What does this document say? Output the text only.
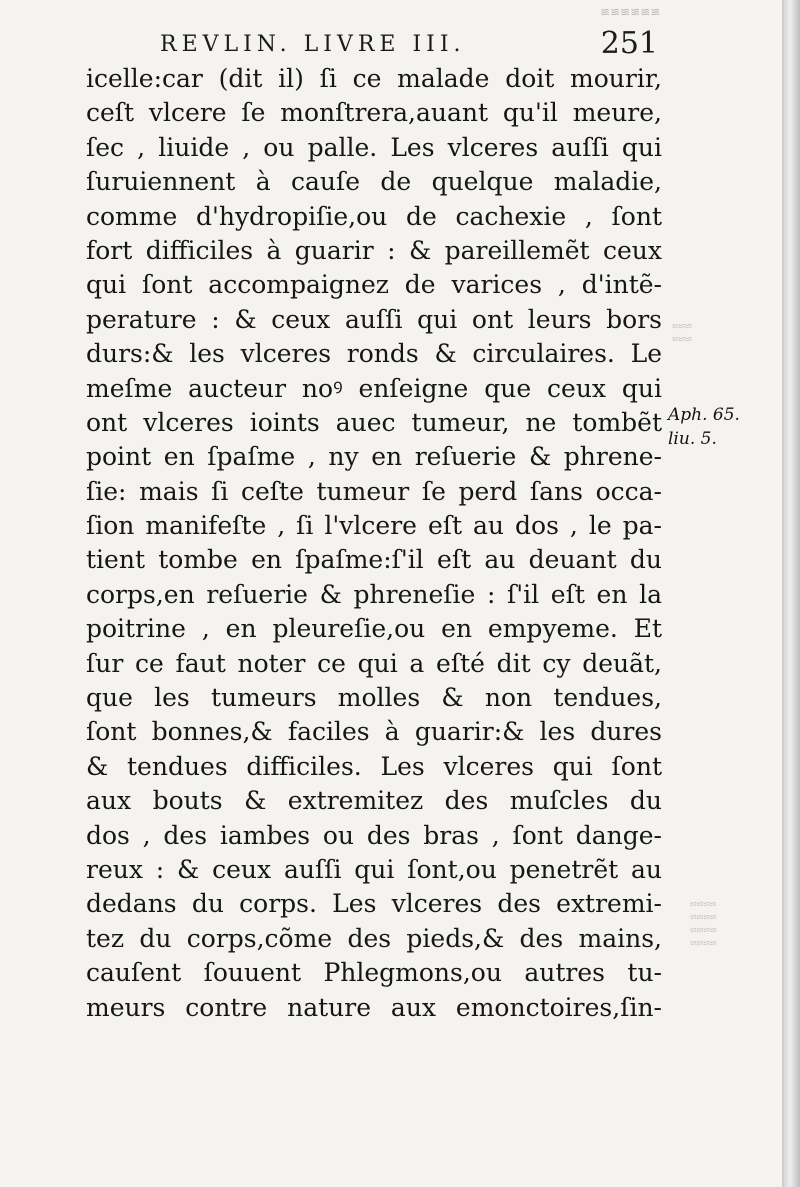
REVLIN. LIVRE III.	251
icelle:car (dit il) ſi ce malade doit mourir,
ceſt vlcere ſe monſtrera,auant qu'il meure,
ſec , liuide , ou palle. Les vlceres auſſi qui
ſuruiennent à cauſe de quelque maladie,
comme d'hydropiſie,ou de cachexie , ſont
fort difficiles à guarir : & pareillemẽt ceux
qui ſont accompaignez de varices , d'intẽ-
perature : & ceux auſſi qui ont leurs bors
durs:& les vlceres ronds & circulaires. Le
meſme aucteur noꝰ enſeigne que ceux qui
ont vlceres ioints auec tumeur, ne tombẽt
point en ſpaſme , ny en reſuerie & phrene-
ſie: mais ſi ceſte tumeur ſe perd ſans occa-
ſion manifeſte , ſi l'vlcere eſt au dos , le pa-
tient tombe en ſpaſme:ſ'il eſt au deuant du
corps,en reſuerie & phreneſie : ſ'il eſt en la
poitrine , en pleureſie,ou en empyeme. Et
ſur ce faut noter ce qui a eſté dit cy deuãt,
que les tumeurs molles & non tendues,
ſont bonnes,& faciles à guarir:& les dures
& tendues difficiles. Les vlceres qui ſont
aux bouts & extremitez des muſcles du
dos , des iambes ou des bras , ſont dange-
reux : & ceux auſſi qui ſont,ou penetrẽt au
dedans du corps. Les vlceres des extremi-
tez du corps,cõme des pieds,& des mains,
cauſent ſouuent Phlegmons,ou autres tu-
meurs contre nature aux emonctoires,ſin-
Aph. 65.
liu. 5.
≋≋≋≋≋≋
≈≈≈
≈≈≈
≈≈≈≈
≈≈≈≈
≈≈≈≈
≈≈≈≈
